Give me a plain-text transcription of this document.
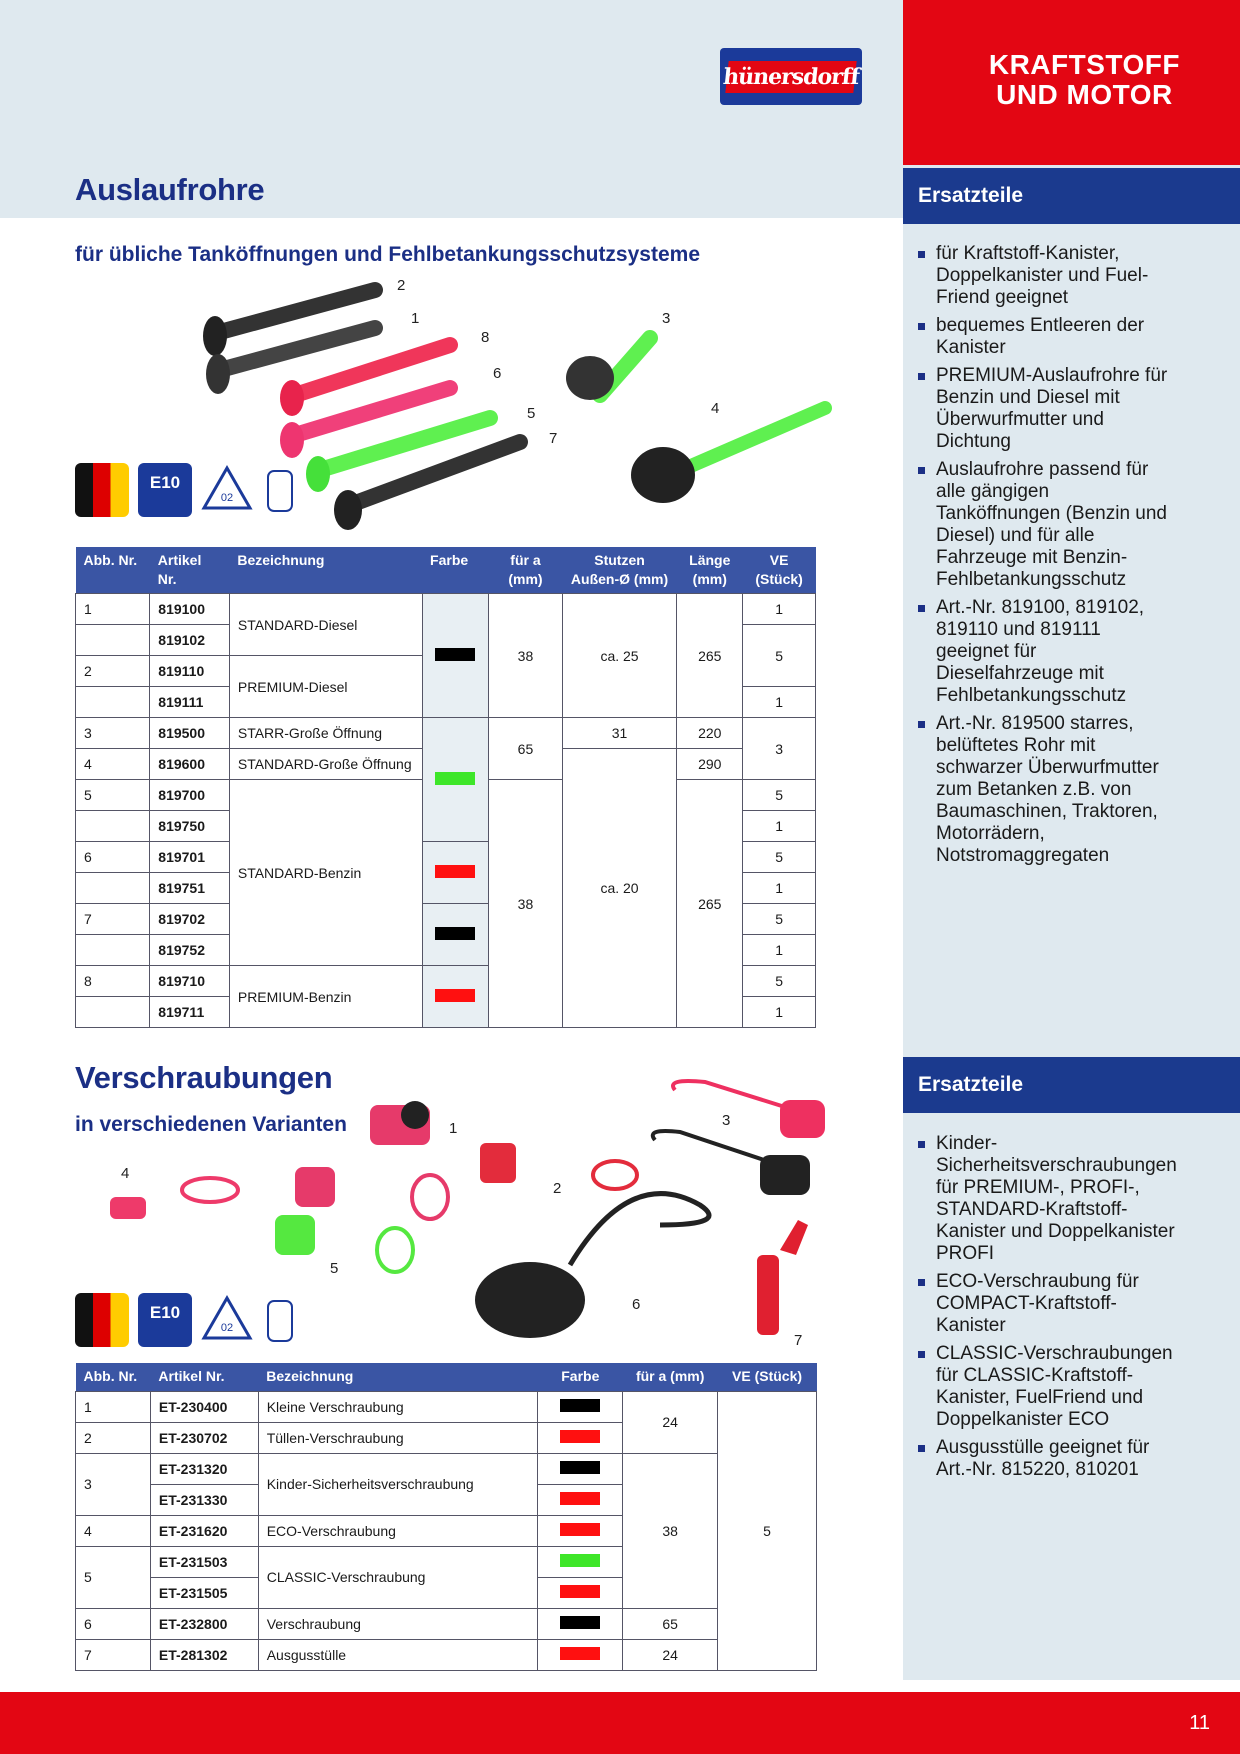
KRAFTSTOFF
UND MOTOR
hünersdorff
Auslaufrohre
für übliche Tanköffnungen und Fehlbetankungsschutzsysteme
Ersatzteile
für Kraftstoff-Kanister, Doppelkanister und Fuel-Friend geeignet
bequemes Entleeren der Kanister
PREMIUM-Auslaufrohre für Benzin und Diesel mit Überwurfmutter und Dichtung
Auslaufrohre passend für alle gängigen Tanköffnungen (Benzin und Diesel) und für alle Fahrzeuge mit Benzin-Fehlbetankungsschutz
Art.-Nr. 819100, 819102, 819110 und 819111 geeignet für Dieselfahrzeuge mit Fehlbetankungsschutz
Art.-Nr. 819500 starres, belüftetes Rohr mit schwarzer Überwurfmutter zum Betanken z.B. von Baumaschinen, Traktoren, Motorrädern, Notstromaggregaten
2
1
8
6
5
7
3
4
E10
02
Abb. Nr.	Artikel Nr.	Bezeichnung	Farbe	für a (mm)	Stutzen Außen-Ø (mm)	Länge (mm)	VE (Stück)
1	819100	STANDARD-Diesel		38	ca. 25	265	1
	819102						5
2	819110	PREMIUM-Diesel					
	819111						1
3	819500	STARR-Große Öffnung		65	31	220	3
4	819600	STANDARD-Große Öffnung			ca. 20	290	
5	819700	STANDARD-Benzin		38		265	5
	819750						1
6	819701						5
	819751						1
7	819702						5
	819752						1
8	819710	PREMIUM-Benzin					5
	819711						1
Verschraubungen
in verschiedenen Varianten
Ersatzteile
Kinder-Sicherheitsverschraubungen für PREMIUM-, PROFI-, STANDARD-Kraftstoff-Kanister und Doppelkanister PROFI
ECO-Verschraubung für COMPACT-Kraftstoff-Kanister
CLASSIC-Verschraubungen für CLASSIC-Kraftstoff-Kanister, FuelFriend und Doppelkanister ECO
Ausgusstülle geeignet für Art.-Nr. 815220, 810201
1	3
4
2
5
6
7
E10
02
Abb. Nr.	Artikel Nr.	Bezeichnung	Farbe	für a (mm)	VE (Stück)
1	ET-230400	Kleine Verschraubung		24	5
2	ET-230702	Tüllen-Verschraubung			
3	ET-231320	Kinder-Sicherheitsverschraubung		38	
	ET-231330				
4	ET-231620	ECO-Verschraubung			
5	ET-231503	CLASSIC-Verschraubung			
	ET-231505				
6	ET-232800	Verschraubung		65	
7	ET-281302	Ausgusstülle		24	
11
